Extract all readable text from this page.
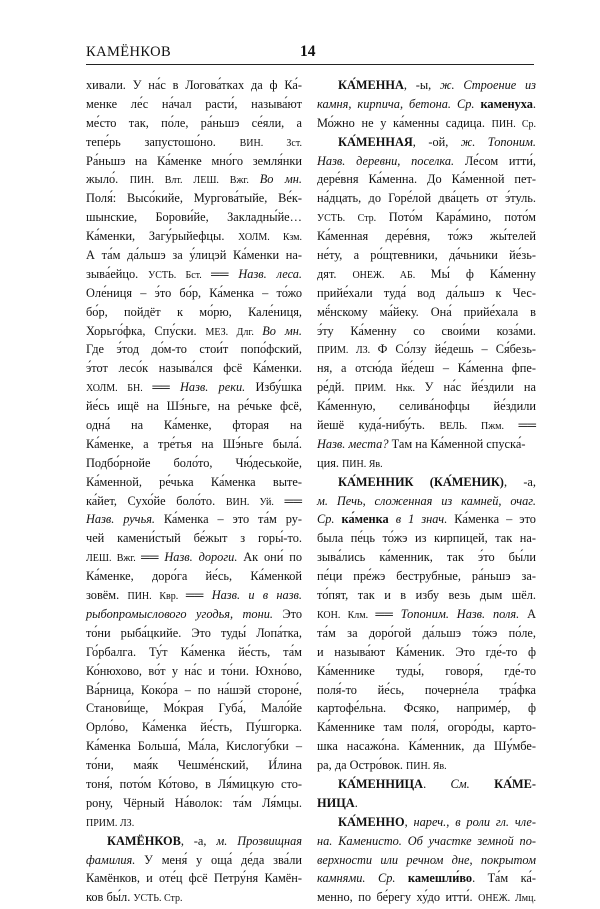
КАМЁНКОВ	14
хивали. У на́с в Логова́тках да ф Ка́-
менке ле́с на́чал расти́, называ́ют
ме́сто так, по́ле, ра́ньшэ се́яли, а
тепе́рь запустошо́но. ВИН. Зст.
Ра́ньшэ на Ка́менке мно́го земля́нки
жыло́. ПИН. Влт. ЛЕШ. Вжг. Во мн.
Поля́: Высо́кийе, Мургова́тыйе, Ве́к-
шынские, Борови́йе, Закладны́йе…
Ка́менки, Загу́рыйефцы. ХОЛМ. Кзм.
А та́м да́льшэ за у́лицэй Ка́менки на-
зыва́ейцо. УСТЬ. Бст. ══ Назв. леса.
Оле́ниця – э́то бо́р, Ка́менка – то́жо
бо́р, пойдёт к мо́рю, Кале́ниця,
Хорьго́фка, Спу́ски. МЕЗ. Длг. Во мн.
Где э́тод до́м-то стои́т попо́фский,
э́тот лесо́к называ́лся фсё Ка́менки.
ХОЛМ. БН. ══ Назв. реки. Избу́шка
йе́сь ищё на Шэ́ньге, на ре́чьке фсё,
одна́ на Ка́менке, фторая на
Ка́менке, а тре́тья на Шэ́ньге была́.
Подбо́рнойе боло́то, Чю́деськойе,
Ка́менной, ре́чька Ка́менка выте-
ка́йет, Сухо́йе боло́то. ВИН. Уй. ══
Назв. ручья. Ка́менка – это та́м ру-
чей камени́стый бе́жыт з горы́-то.
ЛЕШ. Вжг. ══ Назв. дороги. Ак они́ по
Ка́менке, доро́га йе́сь, Ка́менкой
зовём. ПИН. Квр. ══ Назв. и в назв.
рыбопромыслового угодья, тони. Это
то́ни рыба́цкийе. Это туды́ Лопа́тка,
Го́рбалга. Ту́т Ка́менка йе́сть, та́м
Ко́нюхово, во́т у на́с и то́ни. Юхно́во,
Ва́рница, Коко́ра – по на́шэй стороне́,
Станови́ще, Мо́края Губа́, Мало́йе
Орло́во, Ка́менка йе́сть, Пу́шгорка.
Ка́менка Больша́, Ма́ла, Кислогу́бки –
то́ни, мая́к Чешме́нский, И́лина
тоня́, пото́м Ко́тово, в Ля́мицкую сто-
рону, Чёрный На́волок: та́м Ля́мцы.
ПРИМ. ЛЗ.
КАМЁНКОВ, -а, м. Прозвищная
фамилия. У меня́ у оща́ де́да зва́ли
Камёнков, и оте́ц фсё Петру́ня Камён-
ков бы́л. УСТЬ. Стр.
КА́МЕННА, -ы, ж. Строение из
камня, кирпича, бетона. Ср. каменуха.
Мо́жно не у ка́менны садица. ПИН. Ср.
КА́МЕННАЯ, -ой, ж. Топоним.
Назв. деревни, поселка. Ле́сом итти́,
дере́вня Ка́менна. До Ка́менной пет-
на́дцать, до Горе́лой два́цеть от э́туль.
УСТЬ. Стр. Пото́м Кара́мино, пото́м
Ка́менная дере́вня, то́жэ жы́телей
не́ту, а ро́щтевники, да́чьники йе́зь-
дят. ОНЕЖ. АБ. Мы́ ф Ка́менну
прийе́хали туда́ вод да́льшэ к Чес-
мё́нскому ма́йеку. Она́ прийе́хала в
э́ту Ка́менну со свои́ми коза́ми.
ПРИМ. ЛЗ. Ф Со́лзу йе́дешь – Ся́безь-
ня, а отсю́да йе́деш – Ка́менна фпе-
ре́дй. ПРИМ. Нкк. У на́с йе́здили на
Ка́менную, селива́нофцы йе́здили
йешё куда́-нибу́ть. ВЕЛЬ. Пжм. ══
Назв. места? Там на Ка́менной спуска́-
ция. ПИН. Яв.
КА́МЕННИК (КА́МЕНИК), -а,
м. Печь, сложенная из камней, очаг.
Ср. ка́менка в 1 знач. Ка́менка – это
была пе́ць то́жэ из кирпицей, так на-
зыва́лись ка́менник, так э́то бы́ли
пе́ци пре́жэ беструбные, ра́ньшэ за-
то́пят, так и в избу везь дым шёл.
КОН. Клм. ══ Топоним. Назв. поля. А
та́м за доро́гой да́льшэ то́жэ по́ле,
и называ́ют Ка́меник. Это где́-то ф
Ка́меннике туды́, говоря́, где́-то
поля́-то йе́сь, почерне́ла тра́фка
картофе́льна. Фсяко, наприме́р, ф
Ка́меннике там поля́, огоро́ды, карто-
шка насажо́на. Ка́менник, да Шу́мбе-
ра, да Остро́вок. ПИН. Яв.
КА́МЕННИЦА. См. КА́МЕ-
НИЦА.
КА́МЕННО, нареч., в роли гл. чле-
на. Каменисто. Об участке земной по-
верхности или речном дне, покрытом
камнями. Ср. камешли́во. Та́м ка́-
менно, по бе́регу ху́до итти́. ОНЕЖ. Лмц.
